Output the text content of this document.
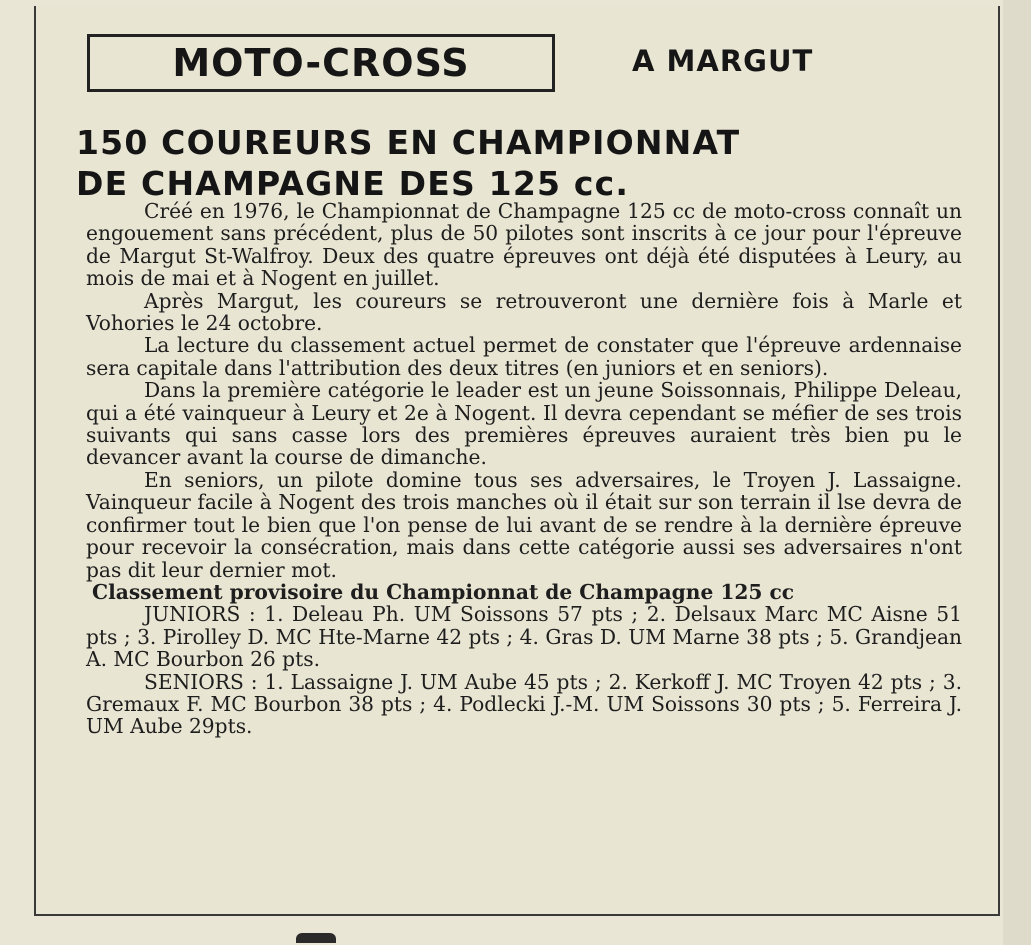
MOTO-CROSS	A MARGUT
150 COUREURS EN CHAMPIONNAT
DE CHAMPAGNE DES 125 cc.

Créé en 1976, le Championnat de Champagne 125 cc de moto-cross connaît un engouement sans précédent, plus de 50 pilotes sont inscrits à ce jour pour l'épreuve de Margut St-Walfroy. Deux des quatre épreuves ont déjà été disputées à Leury, au mois de mai et à Nogent en juillet.

Après Margut, les coureurs se retrouveront une dernière fois à Marle et Vohories le 24 octobre.

La lecture du classement actuel permet de constater que l'épreuve ardennaise sera capitale dans l'attribution des deux titres (en juniors et en seniors).

Dans la première catégorie le leader est un jeune Soissonnais, Philippe Deleau, qui a été vainqueur à Leury et 2e à Nogent. Il devra cependant se méfier de ses trois suivants qui sans casse lors des premières épreuves auraient très bien pu le devancer avant la course de dimanche.

En seniors, un pilote domine tous ses adversaires, le Troyen J. Lassaigne. Vainqueur facile à Nogent des trois manches où il était sur son terrain il lse devra de confirmer tout le bien que l'on pense de lui avant de se rendre à la dernière épreuve pour recevoir la consécration, mais dans cette catégorie aussi ses adversaires n'ont pas dit leur dernier mot.

Classement provisoire du Championnat de Champagne 125 cc

JUNIORS : 1. Deleau Ph. UM Soissons 57 pts ; 2. Delsaux Marc MC Aisne 51 pts ; 3. Pirolley D. MC Hte-Marne 42 pts ; 4. Gras D. UM Marne 38 pts ; 5. Grandjean A. MC Bourbon 26 pts.

SENIORS : 1. Lassaigne J. UM Aube 45 pts ; 2. Kerkoff J. MC Troyen 42 pts ; 3. Gremaux F. MC Bourbon 38 pts ; 4. Podlecki J.-M. UM Soissons 30 pts ; 5. Ferreira J. UM Aube 29pts.
